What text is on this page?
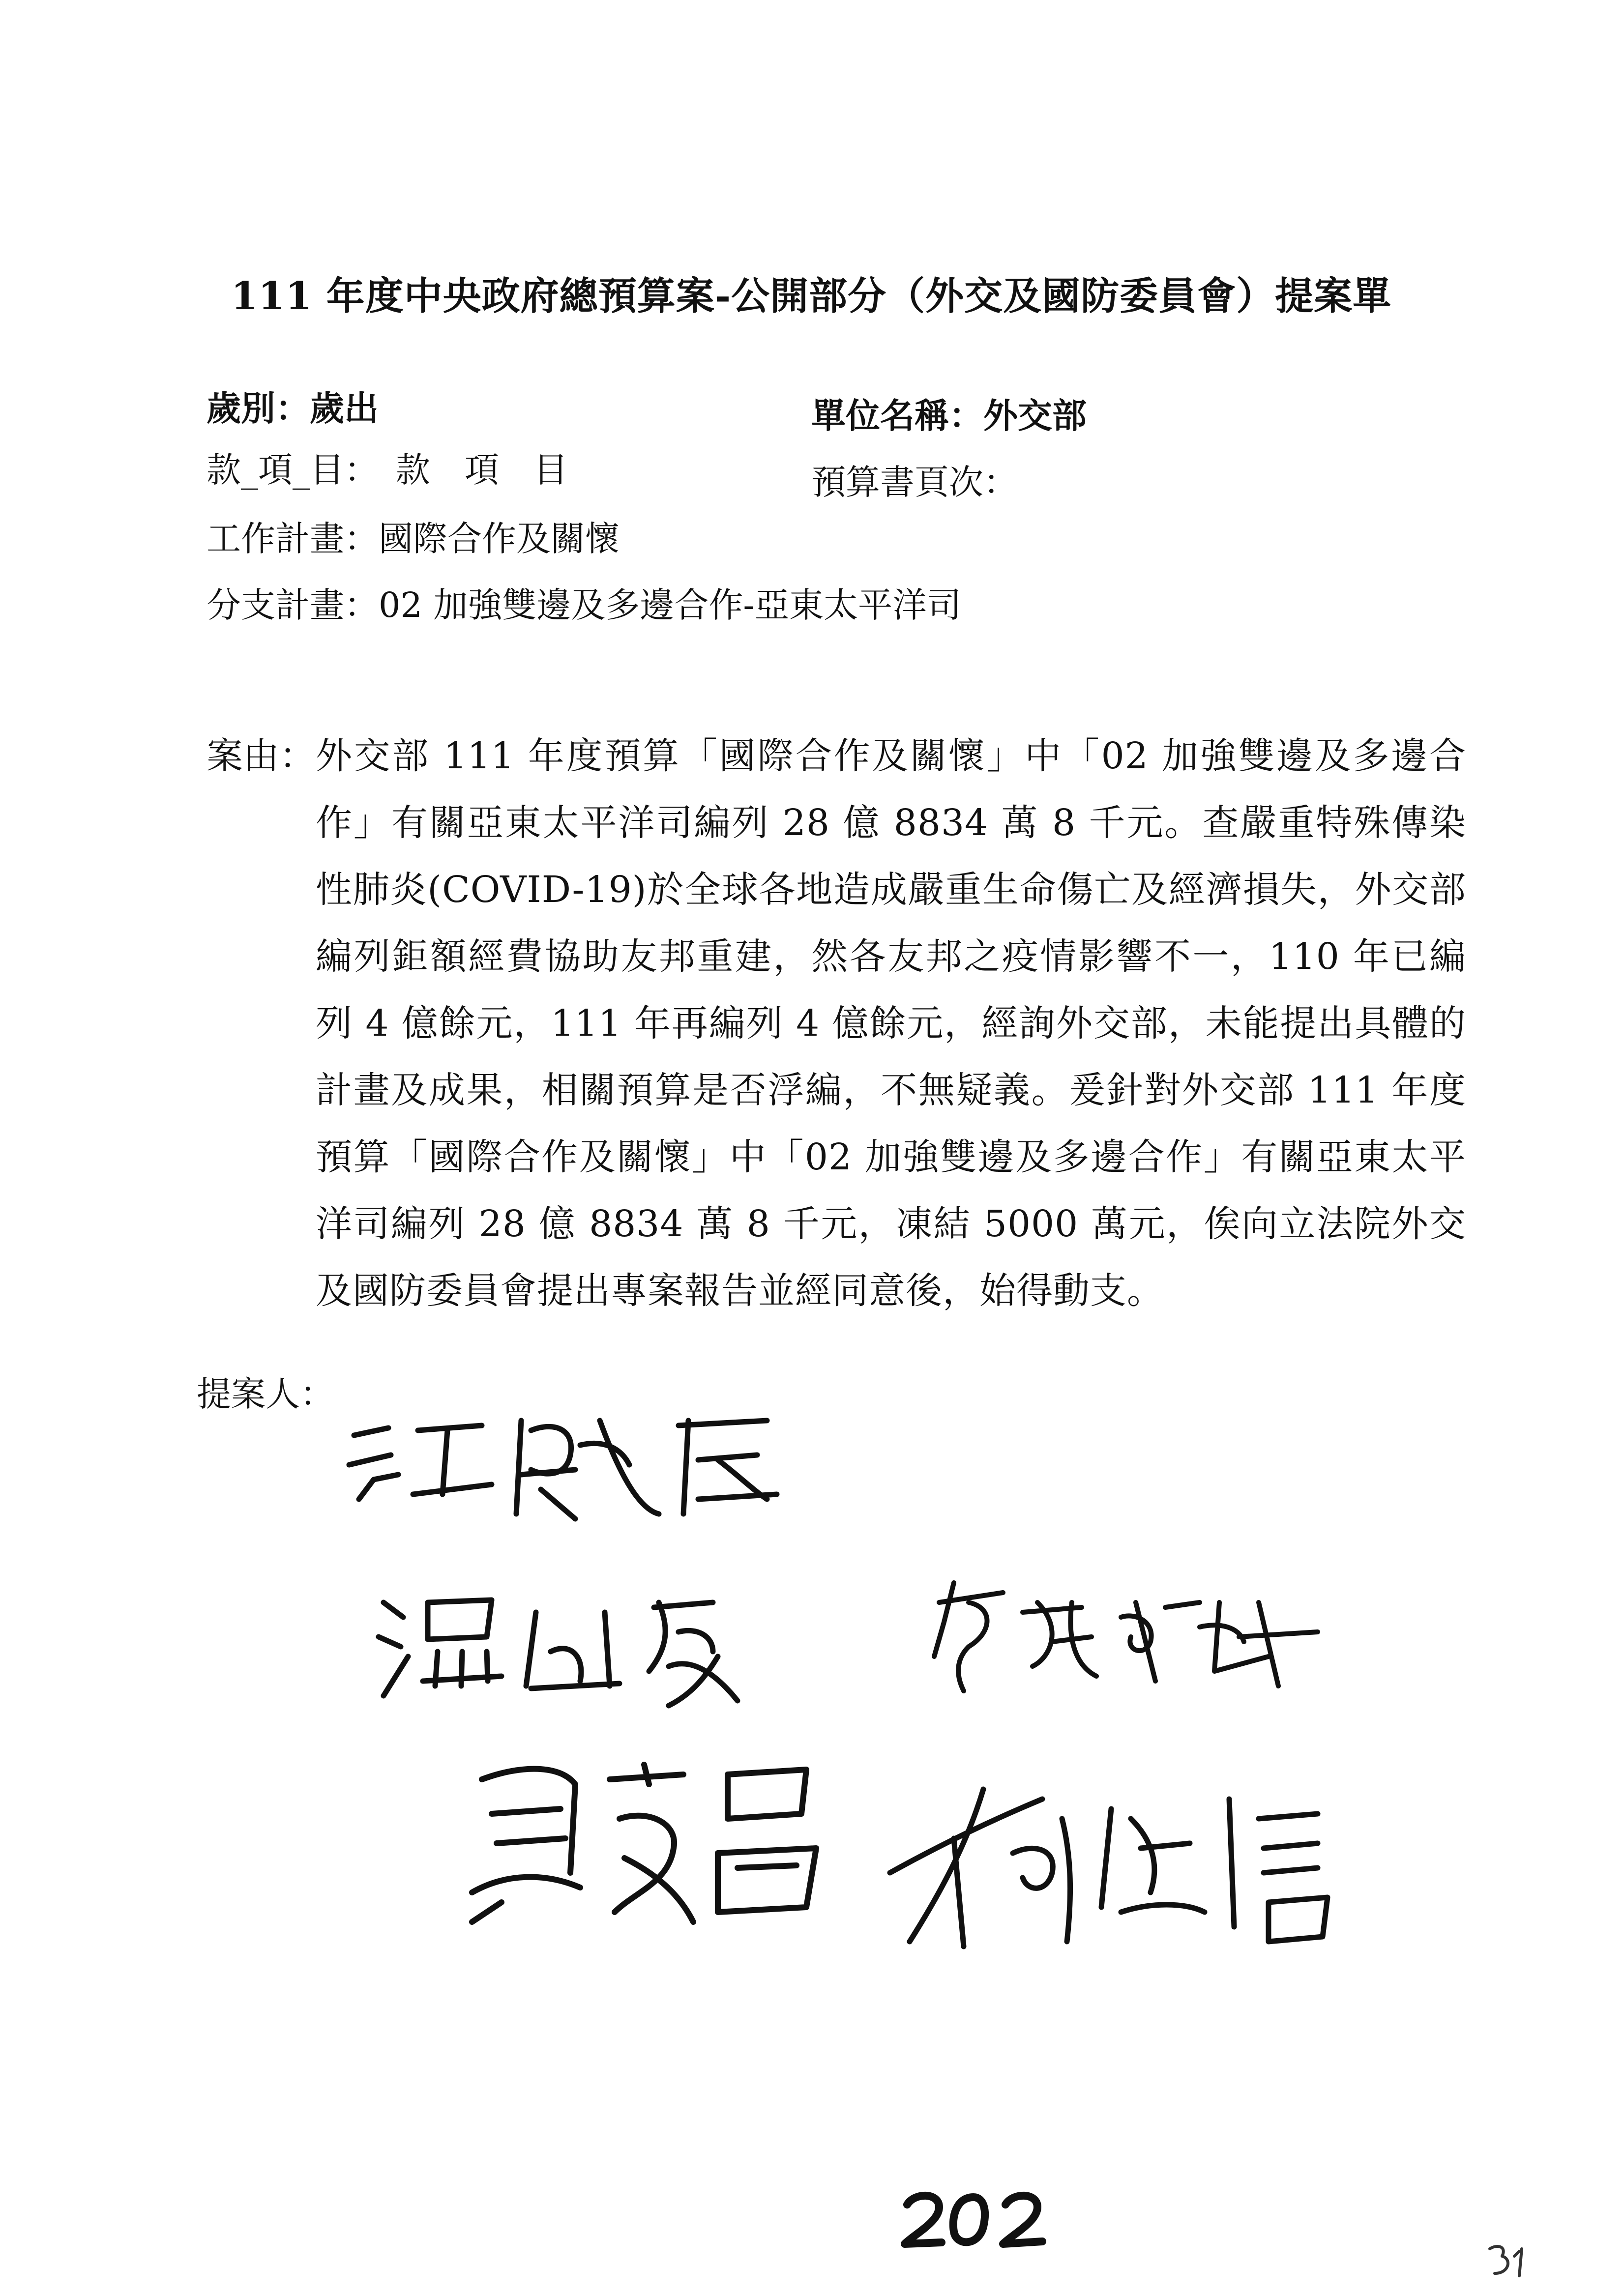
111 年度中央政府總預算案-公開部分（外交及國防委員會）提案單
歲別：歲出	單位名稱：外交部
款_項_目：　款　項　目	預算書頁次：
工作計畫：國際合作及關懷
分支計畫：02 加強雙邊及多邊合作-亞東太平洋司
案由： 外交部 111 年度預算「國際合作及關懷」中「02 加強雙邊及多邊合作」有關亞東太平洋司編列 28 億 8834 萬 8 千元。查嚴重特殊傳染性肺炎(COVID-19)於全球各地造成嚴重生命傷亡及經濟損失，外交部編列鉅額經費協助友邦重建，然各友邦之疫情影響不一，110 年已編列 4 億餘元，111 年再編列 4 億餘元，經詢外交部，未能提出具體的計畫及成果，相關預算是否浮編，不無疑義。爰針對外交部 111 年度預算「國際合作及關懷」中「02 加強雙邊及多邊合作」有關亞東太平洋司編列 28 億 8834 萬 8 千元，凍結 5000 萬元，俟向立法院外交及國防委員會提出專案報告並經同意後，始得動支。
提案人：
